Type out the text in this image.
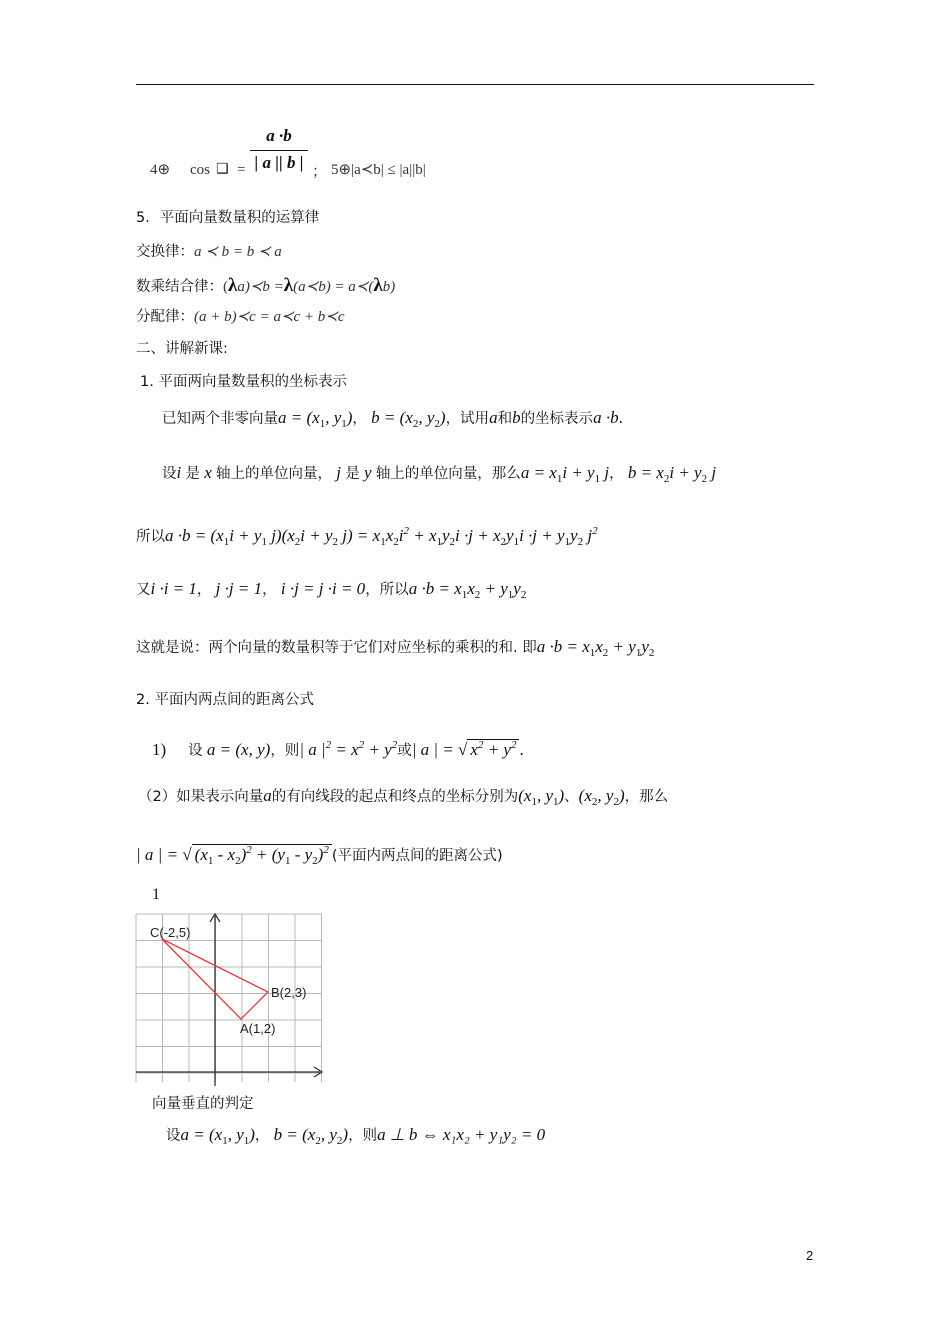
4⊕ cos ❑ =
a ·b
| a || b | ； 5⊕|a≺b| ≤ |a||b|
5．平面向量数量积的运算律
交换律：a ≺ b = b ≺ a
数乘结合律：(λa)≺b =λ(a≺b) = a≺(λb)
分配律：(a + b)≺c = a≺c + b≺c
二、讲解新课:
1. 平面两向量数量积的坐标表示
已知两个非零向量$a = (x_1$, $y_1$)， $b = (x_2$, $y_2$)，试用a和b的坐标表示a ·b.
设i 是 x 轴上的单位向量， j 是 y 轴上的单位向量，那么$a = x_1i + y_1$ j， $b = x_2i + y_2$ j
所以$a \cdot b = (x_1i + y_1$ $j)(x_2i + y_2$ $j) = x_1x_2i^2 + x_1y_2i \cdot j + x_2y_1i \cdot j + y_1y_2$ $j^2$
又i ·i = 1， j ·j = 1， i ·j = j ·i = 0，所以$a \cdot b = x_1x_2 + y_1y_2$
这就是说：两个向量的数量积等于它们对应坐标的乘积的和. 即$a \cdot b = x_1x_2 + y_1y_2$
2. 平面内两点间的距离公式
1) 设 a = (x, y)，则| a $|^2 = x^2 + y^2$或| a | = √ $x^2 + y^2$ .
（2）如果表示向量a的有向线段的起点和终点的坐标分别为($x_1$, $y_1$)、($x_2$, $y_2$)，那么
| a | = √ $(x_1 - x_2)^2 + (y_1 - y_2)^2$ (平面内两点间的距离公式)
1
C(-2,5)
B(2,3)
A(1,2)
向量垂直的判定
设$a = (x_1$, $y_1$)， $b = (x_2$, $y_2$)，则a ⊥ b ⇔ x₁x₂ + y₁y₂ = 0
2
